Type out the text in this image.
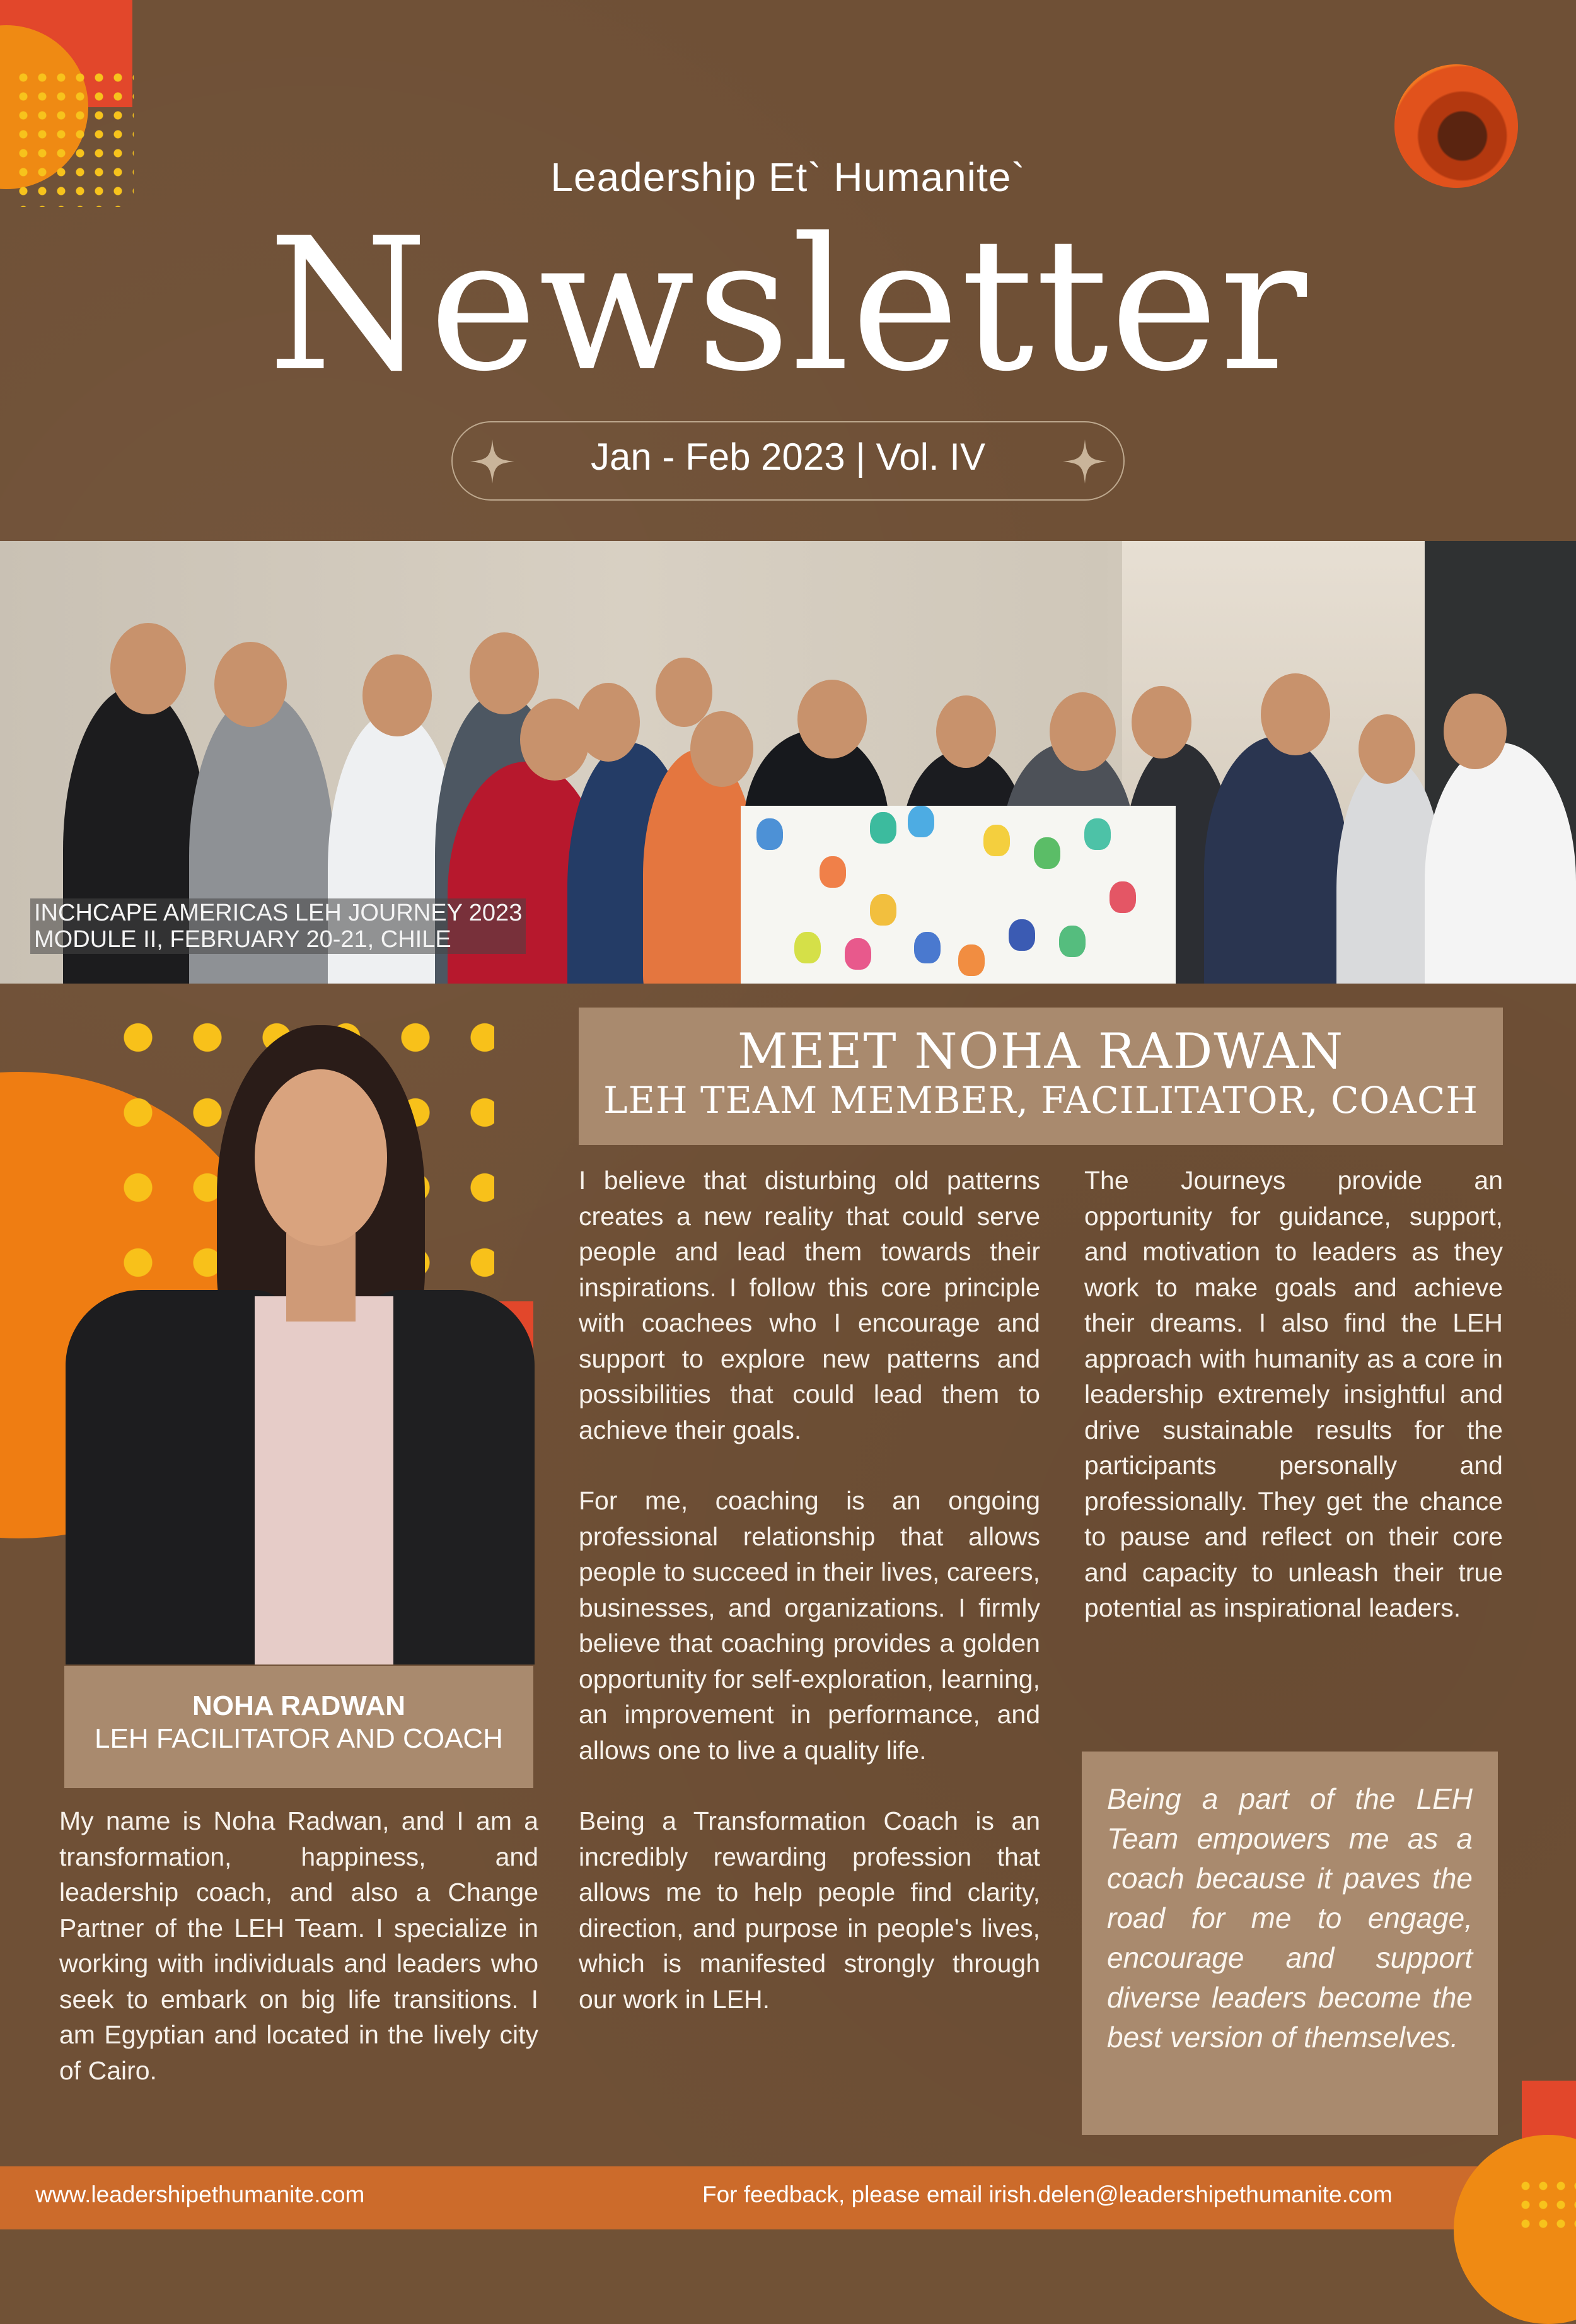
Leadership Et` Humanite`
Newsletter
Jan - Feb 2023 | Vol. IV
INCHCAPE AMERICAS LEH JOURNEY 2023
MODULE II, FEBRUARY 20-21, CHILE
NOHA RADWAN
LEH FACILITATOR AND COACH
My name is Noha Radwan, and I am a transformation, happiness, and leadership coach, and also a Change Partner of the LEH Team. I specialize in working with individuals and leaders who seek to embark on big life transitions. I am Egyptian and located in the lively city of Cairo.
MEET NOHA RADWAN
LEH TEAM MEMBER, FACILITATOR, COACH
I believe that disturbing old patterns creates a new reality that could serve people and lead them towards their inspirations. I follow this core principle with coachees who I encourage and support to explore new patterns and possibilities that could lead them to achieve their goals.
For me, coaching is an ongoing professional relationship that allows people to succeed in their lives, careers, businesses, and organizations. I firmly believe that coaching provides a golden opportunity for self-exploration, learning, an improvement in performance, and allows one to live a quality life.
Being a Transformation Coach is an incredibly rewarding profession that allows me to help people find clarity, direction, and purpose in people's lives, which is manifested strongly through our work in LEH.
The Journeys provide an opportunity for guidance, support, and motivation to leaders as they work to make goals and achieve their dreams. I also find the LEH approach with humanity as a core in leadership extremely insightful and drive sustainable results for the participants personally and professionally. They get the chance to pause and reflect on their core and capacity to unleash their true potential as inspirational leaders.
Being a part of the LEH Team empowers me as a coach because it paves the road for me to engage, encourage and support diverse leaders become the best version of themselves.
www.leadershipethumanite.com	For feedback, please email irish.delen@leadershipethumanite.com
